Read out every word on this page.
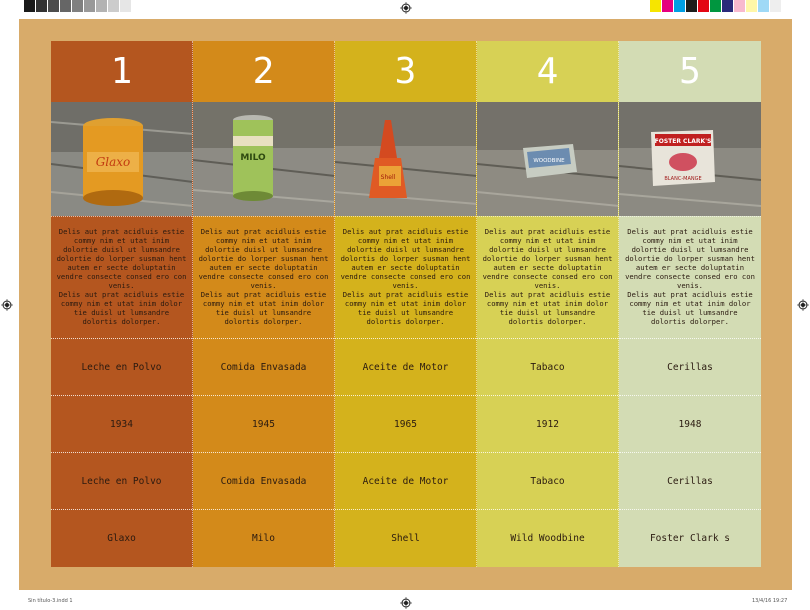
1
Glaxo

Delis aut prat acidluis estie commy nim et utat inim dolortie duisl ut lumsandre dolortie do lorper susman hent autem er secte doluptatin vendre consecte consed ero con venis.

Delis aut prat acidluis estie commy nim et utat inim dolor tie duisl ut lumsandre dolortis dolorper.

Leche en Polvo
1934
Leche en Polvo
Glaxo
2
MILO

Delis aut prat acidluis estie commy nim et utat inim dolortie duisl ut lumsandre dolortie do lorper susman hent autem er secte doluptatin vendre consecte consed ero con venis.

Delis aut prat acidluis estie commy nim et utat inim dolor tie duisl ut lumsandre dolortis dolorper.

Comida Envasada
1945
Comida Envasada
Milo
3
Shell

Delis aut prat acidluis estie commy nim et utat inim dolortie duisl ut lumsandre dolortis do lorper susman hent autem er secte doluptatin vendre consecte consed ero con venis.

Delis aut prat acidluis estie commy nim et utat inim dolor tie duisl ut lumsandre dolortis dolorper.

Aceite de Motor
1965
Aceite de Motor
Shell
4
WOODBINE

Delis aut prat acidluis estie commy nim et utat inim dolortie duisl ut lumsandre dolortie do lorper susman hent autem er secte doluptatin vendre consecte consed ero con venis.

Delis aut prat acidluis estie commy nim et utat inim dolor tie duisl ut lumsandre dolortis dolorper.

Tabaco
1912
Tabaco
Wild Woodbine
5
FOSTER CLARK'S
BLANC-MANGE

Delis aut prat acidluis estie commy nim et utat inim dolortie duisl ut lumsandre dolortie do lorper susman hent autem er secte doluptatin vendre consecte consed ero con venis.

Delis aut prat acidluis estie commy nim et utat inim dolor tie duisl ut lumsandre dolortis dolorper.

Cerillas
1948
Cerillas
Foster Clark s
Sin título-3.indd 1	13/4/16 19:27
